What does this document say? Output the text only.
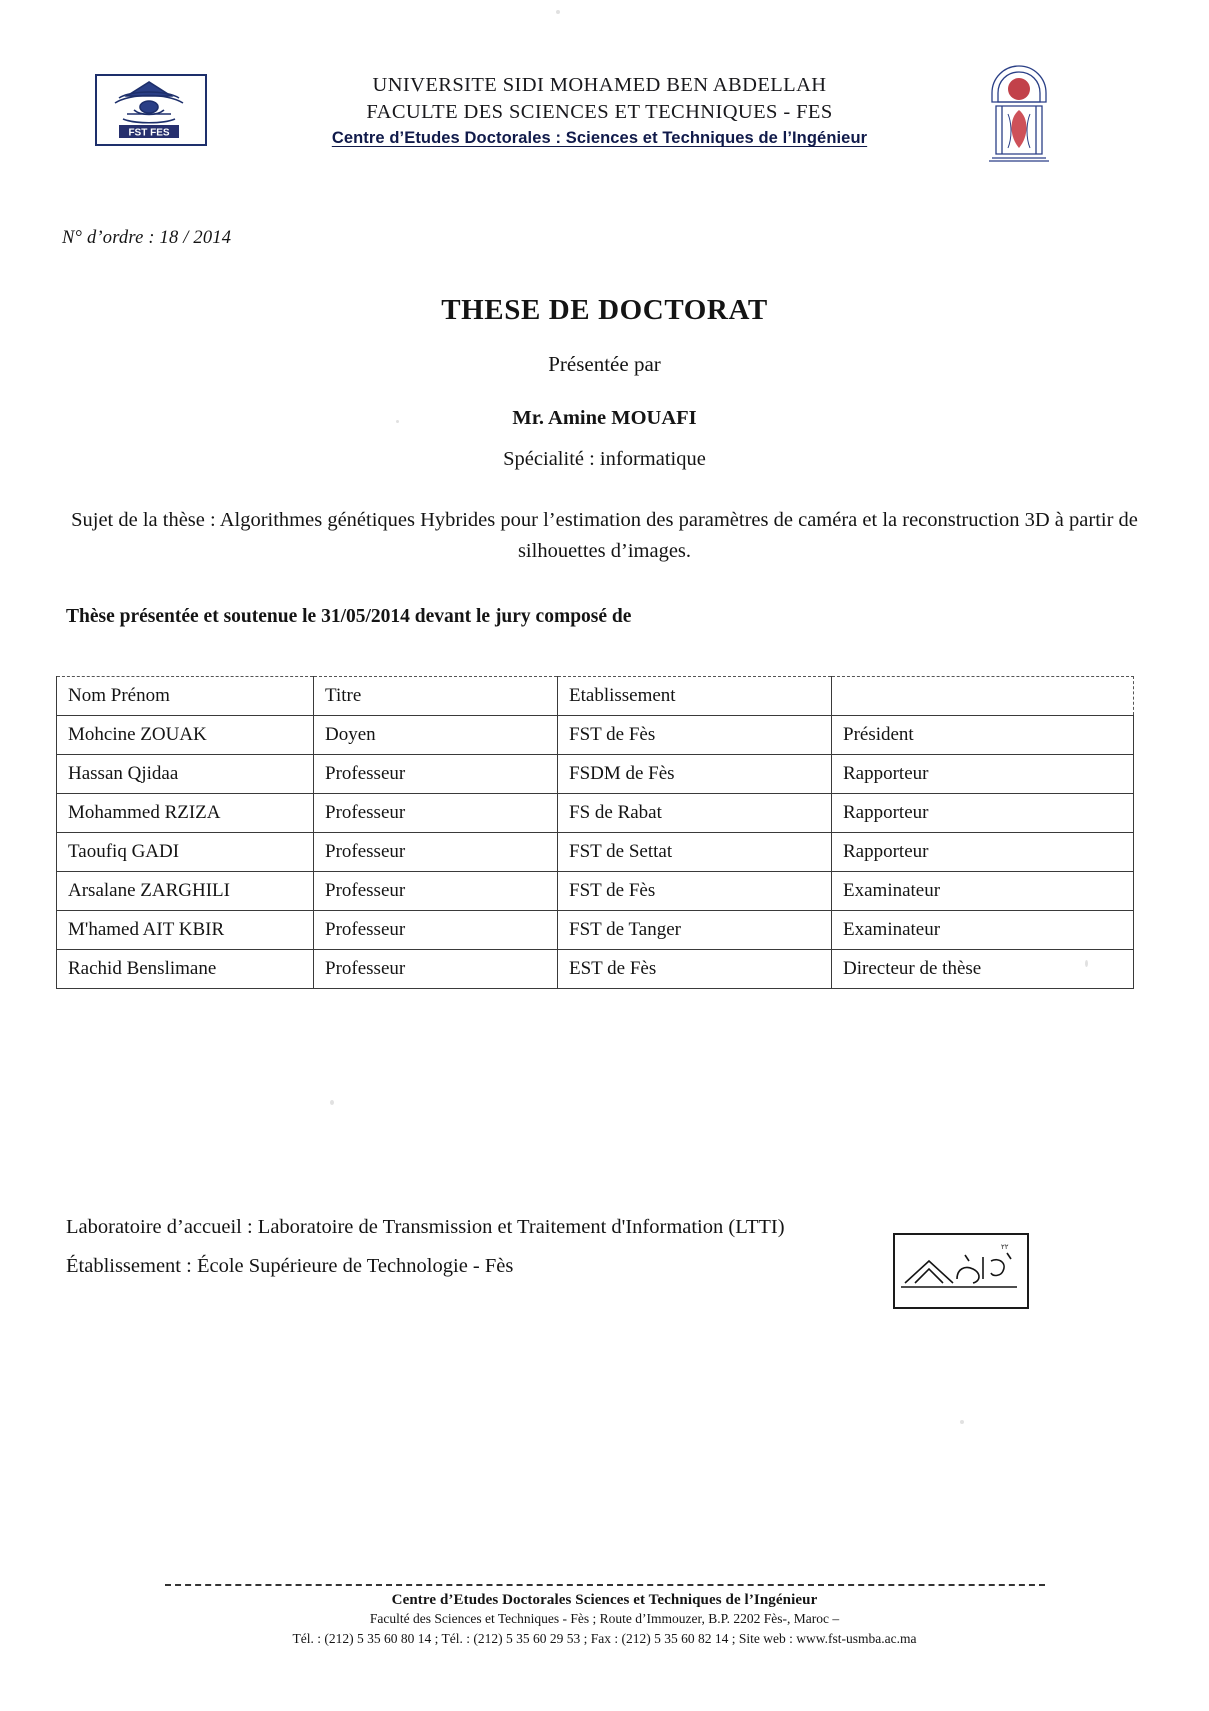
FST FES
UNIVERSITE SIDI MOHAMED BEN ABDELLAH
FACULTE DES SCIENCES ET TECHNIQUES - FES
Centre d’Etudes Doctorales : Sciences et Techniques de l’Ingénieur
N° d’ordre : 18 / 2014
THESE DE DOCTORAT
Présentée par
Mr. Amine MOUAFI
Spécialité : informatique
Sujet de la thèse : Algorithmes génétiques Hybrides pour l’estimation des paramètres de caméra et la reconstruction 3D à partir de silhouettes d’images.
Thèse présentée et soutenue le 31/05/2014 devant le jury composé de
Nom Prénom	Titre	Etablissement	
Mohcine ZOUAK	Doyen	FST de Fès	Président
Hassan Qjidaa	Professeur	FSDM de Fès	Rapporteur
Mohammed RZIZA	Professeur	FS de Rabat	Rapporteur
Taoufiq GADI	Professeur	FST de Settat	Rapporteur
Arsalane ZARGHILI	Professeur	FST de Fès	Examinateur
M'hamed AIT KBIR	Professeur	FST de Tanger	Examinateur
Rachid Benslimane	Professeur	EST de Fès	Directeur de thèse
Laboratoire d’accueil : Laboratoire de Transmission et Traitement d'Information (LTTI)
Établissement : École Supérieure de Technologie - Fès
٢٢
Centre d’Etudes Doctorales Sciences et Techniques de l’Ingénieur
Faculté des Sciences et Techniques - Fès ; Route d’Immouzer, B.P. 2202 Fès-, Maroc –
Tél. : (212) 5 35 60 80 14 ; Tél. : (212) 5 35 60 29 53 ; Fax : (212) 5 35 60 82 14 ; Site web : www.fst-usmba.ac.ma
